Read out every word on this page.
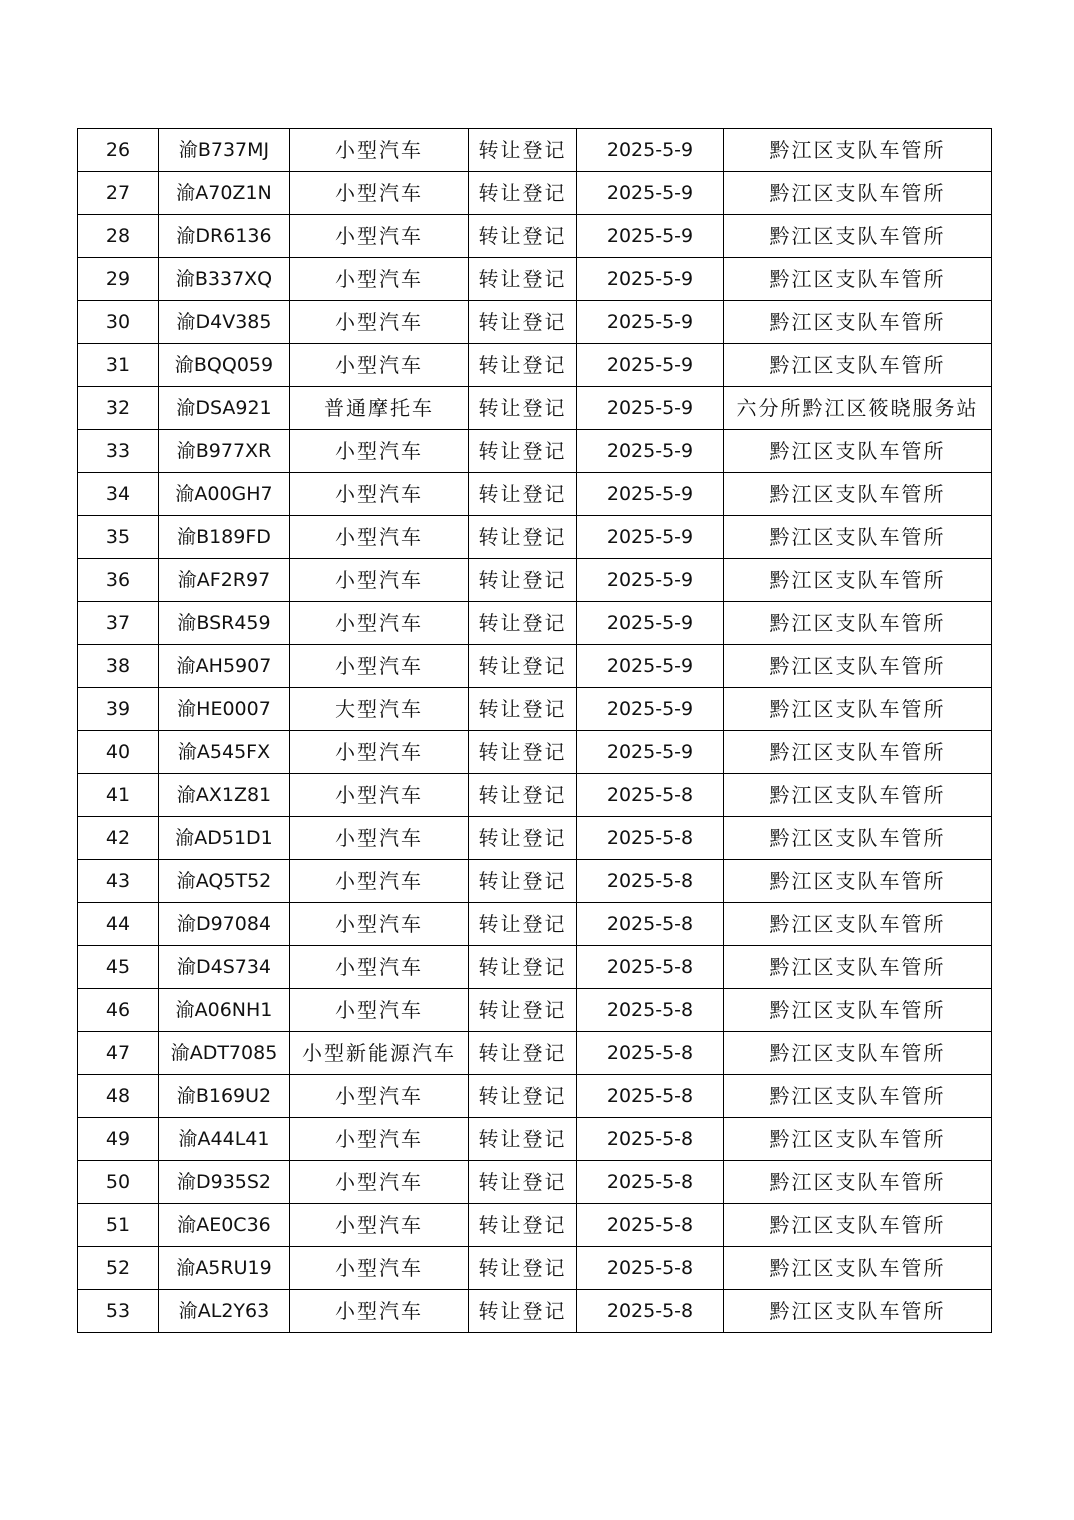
26	渝B737MJ	小型汽车	转让登记	2025-5-9	黔江区支队车管所
27	渝A70Z1N	小型汽车	转让登记	2025-5-9	黔江区支队车管所
28	渝DR6136	小型汽车	转让登记	2025-5-9	黔江区支队车管所
29	渝B337XQ	小型汽车	转让登记	2025-5-9	黔江区支队车管所
30	渝D4V385	小型汽车	转让登记	2025-5-9	黔江区支队车管所
31	渝BQQ059	小型汽车	转让登记	2025-5-9	黔江区支队车管所
32	渝DSA921	普通摩托车	转让登记	2025-5-9	六分所黔江区筱晓服务站
33	渝B977XR	小型汽车	转让登记	2025-5-9	黔江区支队车管所
34	渝A00GH7	小型汽车	转让登记	2025-5-9	黔江区支队车管所
35	渝B189FD	小型汽车	转让登记	2025-5-9	黔江区支队车管所
36	渝AF2R97	小型汽车	转让登记	2025-5-9	黔江区支队车管所
37	渝BSR459	小型汽车	转让登记	2025-5-9	黔江区支队车管所
38	渝AH5907	小型汽车	转让登记	2025-5-9	黔江区支队车管所
39	渝HE0007	大型汽车	转让登记	2025-5-9	黔江区支队车管所
40	渝A545FX	小型汽车	转让登记	2025-5-9	黔江区支队车管所
41	渝AX1Z81	小型汽车	转让登记	2025-5-8	黔江区支队车管所
42	渝AD51D1	小型汽车	转让登记	2025-5-8	黔江区支队车管所
43	渝AQ5T52	小型汽车	转让登记	2025-5-8	黔江区支队车管所
44	渝D97084	小型汽车	转让登记	2025-5-8	黔江区支队车管所
45	渝D4S734	小型汽车	转让登记	2025-5-8	黔江区支队车管所
46	渝A06NH1	小型汽车	转让登记	2025-5-8	黔江区支队车管所
47	渝ADT7085	小型新能源汽车	转让登记	2025-5-8	黔江区支队车管所
48	渝B169U2	小型汽车	转让登记	2025-5-8	黔江区支队车管所
49	渝A44L41	小型汽车	转让登记	2025-5-8	黔江区支队车管所
50	渝D935S2	小型汽车	转让登记	2025-5-8	黔江区支队车管所
51	渝AE0C36	小型汽车	转让登记	2025-5-8	黔江区支队车管所
52	渝A5RU19	小型汽车	转让登记	2025-5-8	黔江区支队车管所
53	渝AL2Y63	小型汽车	转让登记	2025-5-8	黔江区支队车管所
